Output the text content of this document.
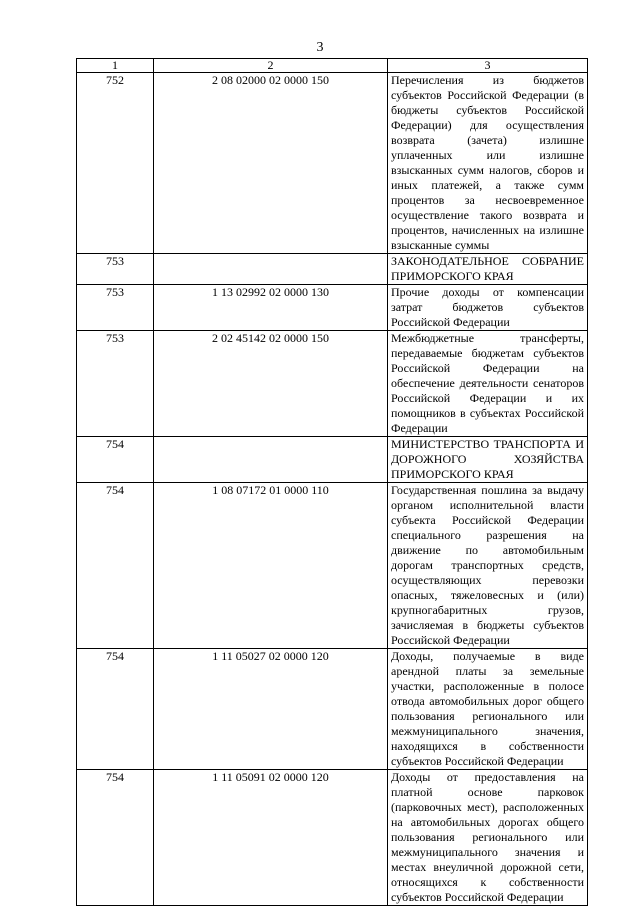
3
1	2	3
752	2 08 02000 02 0000 150	Перечисления из бюджетов субъектов Российской Федерации (в бюджеты субъектов Российской Федерации) для осуществления возврата (зачета) излишне уплаченных или излишне взысканных сумм налогов, сборов и иных платежей, а также сумм процентов за несвоевременное осуществление такого возврата и процентов, начисленных на излишне взысканные суммы
753		ЗАКОНОДАТЕЛЬНОЕ СОБРАНИЕ ПРИМОРСКОГО КРАЯ
753	1 13 02992 02 0000 130	Прочие доходы от компенсации затрат бюджетов субъектов Российской Федерации
753	2 02 45142 02 0000 150	Межбюджетные трансферты, передаваемые бюджетам субъектов Российской Федерации на обеспечение деятельности сенаторов Российской Федерации и их помощников в субъектах Российской Федерации
754		МИНИСТЕРСТВО ТРАНСПОРТА И ДОРОЖНОГО ХОЗЯЙСТВА ПРИМОРСКОГО КРАЯ
754	1 08 07172 01 0000 110	Государственная пошлина за выдачу органом исполнительной власти субъекта Российской Федерации специального разрешения на движение по автомобильным дорогам транспортных средств, осуществляющих перевозки опасных, тяжеловесных и (или) крупногабаритных грузов, зачисляемая в бюджеты субъектов Российской Федерации
754	1 11 05027 02 0000 120	Доходы, получаемые в виде арендной платы за земельные участки, расположенные в полосе отвода автомобильных дорог общего пользования регионального или межмуниципального значения, находящихся в собственности субъектов Российской Федерации
754	1 11 05091 02 0000 120	Доходы от предоставления на платной основе парковок (парковочных мест), расположенных на автомобильных дорогах общего пользования регионального или межмуниципального значения и местах внеуличной дорожной сети, относящихся к собственности субъектов Российской Федерации
